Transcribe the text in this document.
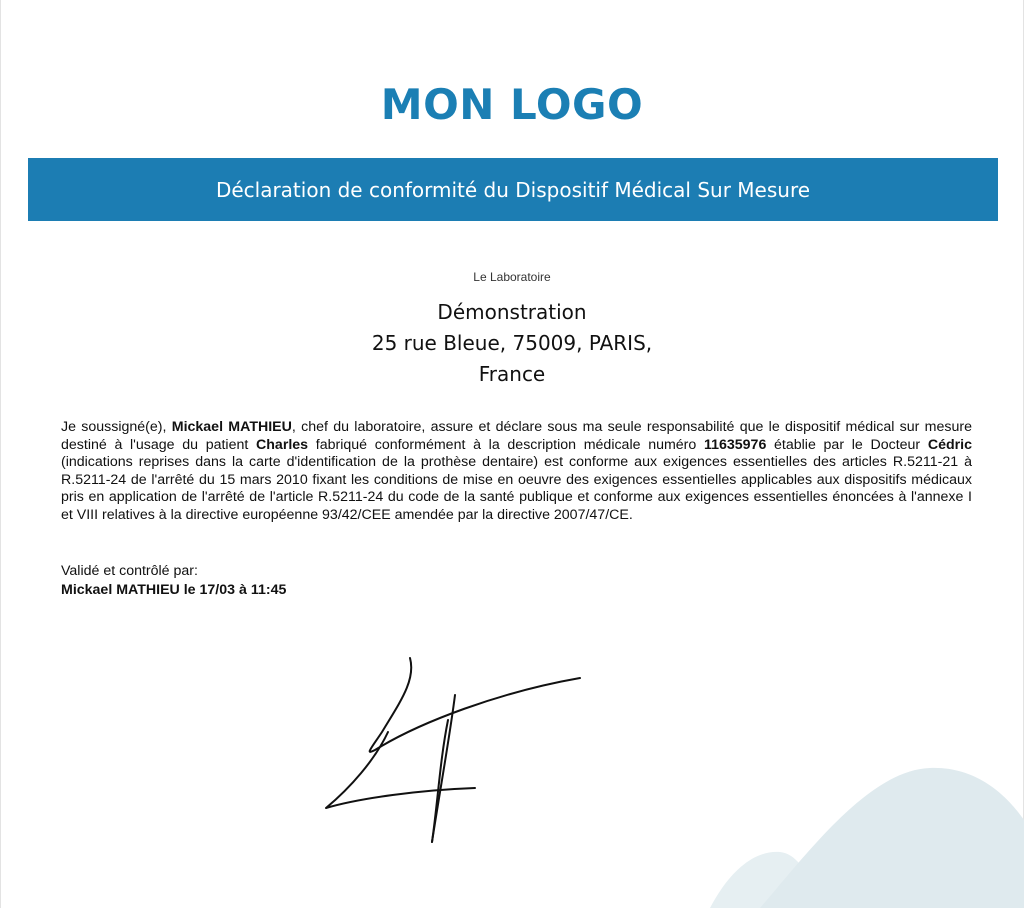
MON LOGO
Déclaration de conformité du Dispositif Médical Sur Mesure
Le Laboratoire
Démonstration
25 rue Bleue, 75009, PARIS,
France
Je soussigné(e), Mickael MATHIEU, chef du laboratoire, assure et déclare sous ma seule responsabilité que le dispositif médical sur mesure destiné à l'usage du patient Charles fabriqué conformément à la description médicale numéro 11635976 établie par le Docteur Cédric (indications reprises dans la carte d'identification de la prothèse dentaire) est conforme aux exigences essentielles des articles R.5211-21 à R.5211-24 de l'arrêté du 15 mars 2010 fixant les conditions de mise en oeuvre des exigences essentielles applicables aux dispositifs médicaux pris en application de l'arrêté de l'article R.5211-24 du code de la santé publique et conforme aux exigences essentielles énoncées à l'annexe I et VIII relatives à la directive européenne 93/42/CEE amendée par la directive 2007/47/CE.
Validé et contrôlé par:
Mickael MATHIEU le 17/03 à 11:45
